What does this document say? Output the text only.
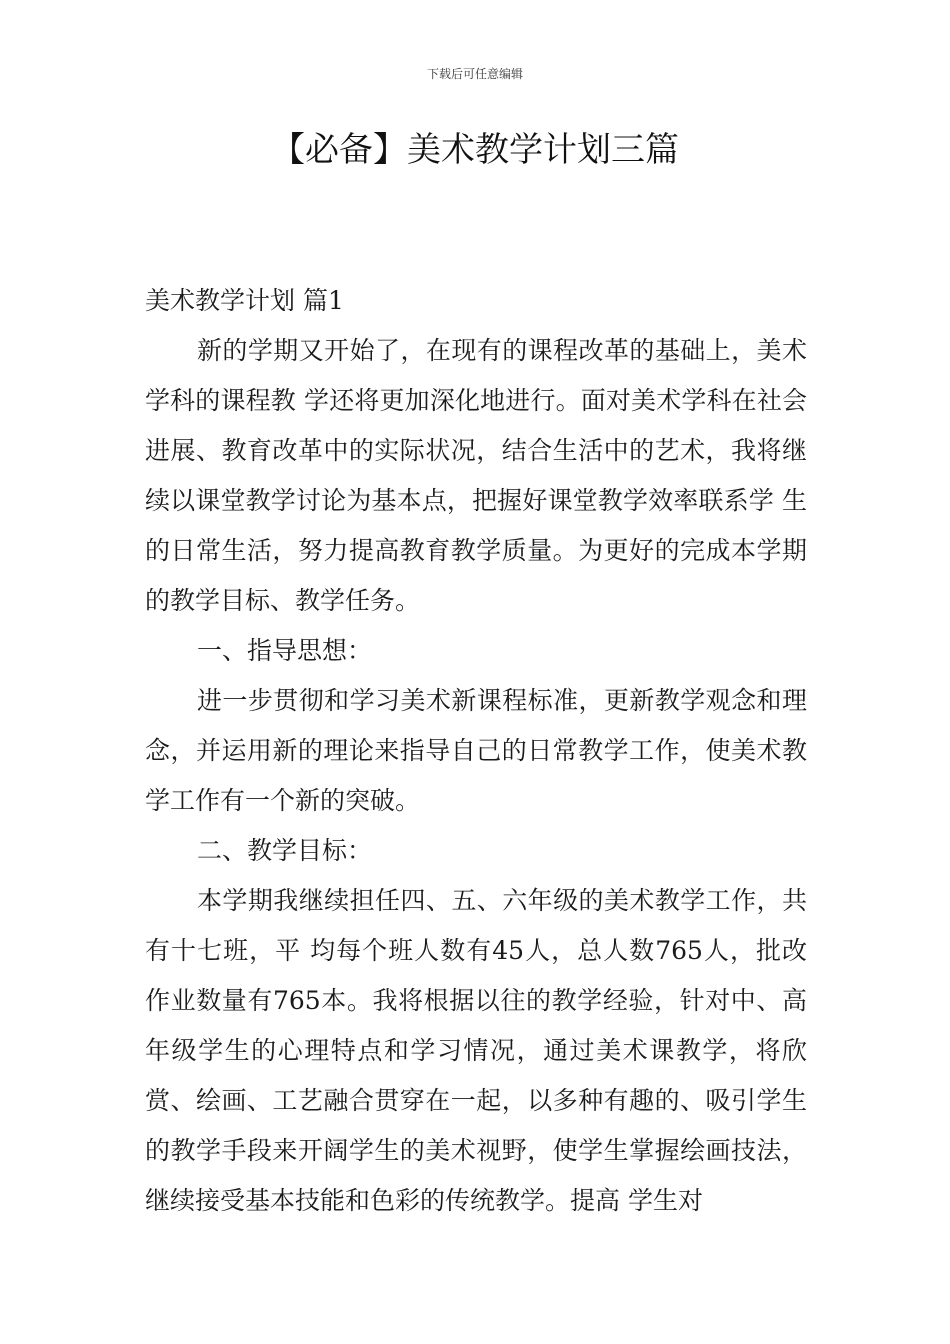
下载后可任意编辑
【必备】美术教学计划三篇

美术教学计划 篇1

新的学期又开始了，在现有的课程改革的基础上，美术学科的课程教 学还将更加深化地进行。面对美术学科在社会进展、教育改革中的实际状况，结合生活中的艺术，我将继续以课堂教学讨论为基本点，把握好课堂教学效率联系学 生的日常生活，努力提高教育教学质量。为更好的完成本学期的教学目标、教学任务。

一、指导思想：

进一步贯彻和学习美术新课程标准，更新教学观念和理念，并运用新的理论来指导自己的日常教学工作，使美术教学工作有一个新的突破。

二、教学目标：

本学期我继续担任四、五、六年级的美术教学工作，共有十七班，平 均每个班人数有45人，总人数765人，批改作业数量有765本。我将根据以往的教学经验，针对中、高年级学生的心理特点和学习情况，通过美术课教学，将欣赏、绘画、工艺融合贯穿在一起，以多种有趣的、吸引学生的教学手段来开阔学生的美术视野，使学生掌握绘画技法，继续接受基本技能和色彩的传统教学。提高 学生对
